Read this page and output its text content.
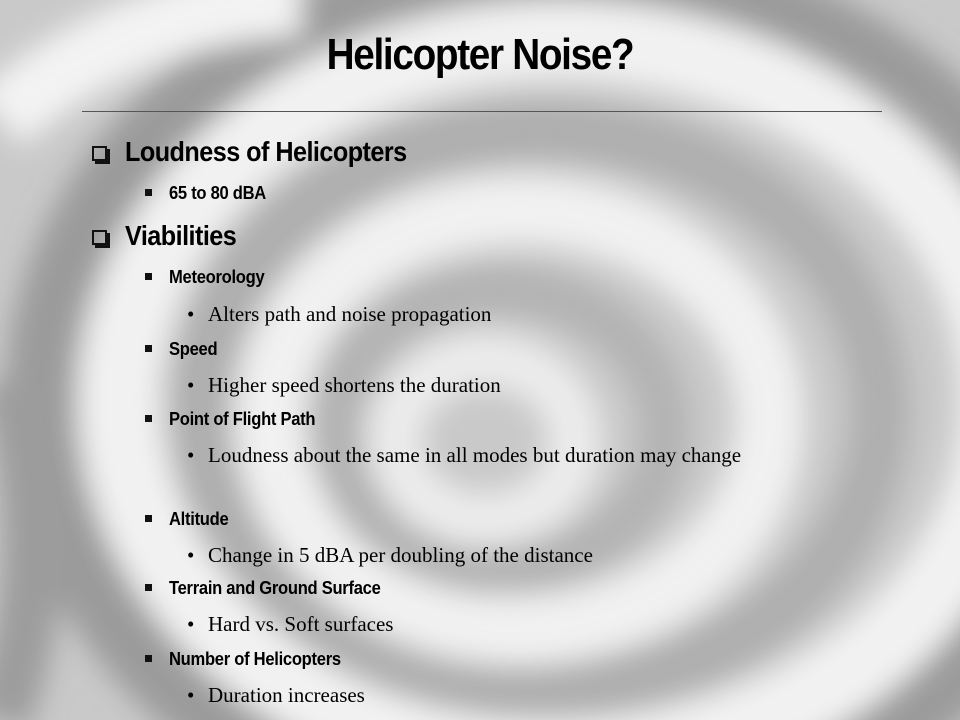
Helicopter Noise?
Loudness of Helicopters
65 to 80 dBA
Viabilities
Meteorology
• Alters path and noise propagation
Speed
• Higher speed shortens the duration
Point of Flight Path
• Loudness about the same in all modes but duration may change
Altitude
• Change in 5 dBA per doubling of the distance
Terrain and Ground Surface
• Hard vs. Soft surfaces
Number of Helicopters
• Duration increases
